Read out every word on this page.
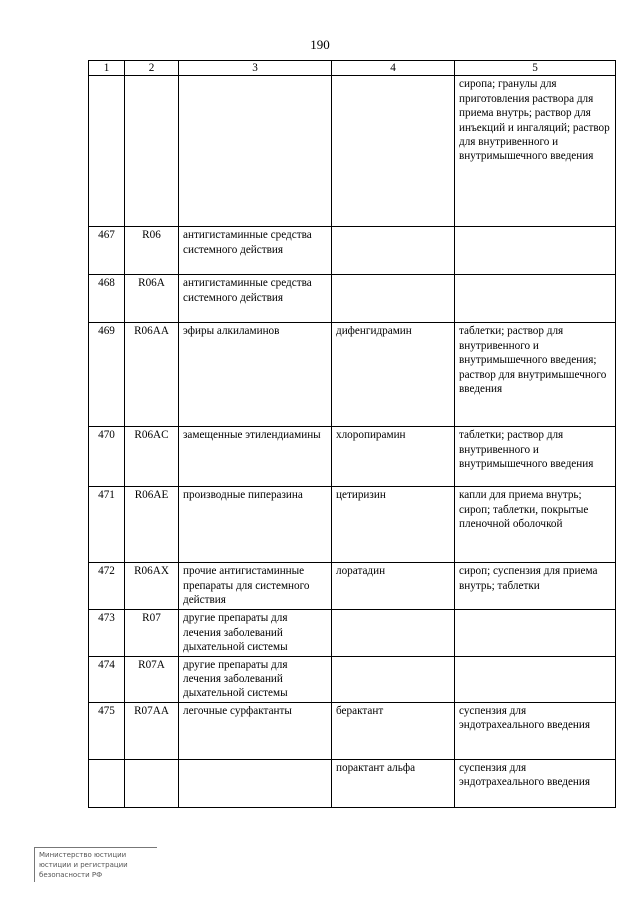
190
1	2	3	4	5
				сиропа; гранулы для приготовления раствора для приема внутрь; раствор для инъекций и ингаляций; раствор для внутривенного и внутримышечного введения
467	R06	антигистаминные средства системного действия		
468	R06A	антигистаминные средства системного действия		
469	R06AA	эфиры алкиламинов	дифенгидрамин	таблетки; раствор для внутривенного и внутримышечного введения; раствор для внутримышечного введения
470	R06AC	замещенные этилендиамины	хлоропирамин	таблетки; раствор для внутривенного и внутримышечного введения
471	R06AE	производные пиперазина	цетиризин	капли для приема внутрь; сироп; таблетки, покрытые пленочной оболочкой
472	R06AX	прочие антигистаминные препараты для системного действия	лоратадин	сироп; суспензия для приема внутрь; таблетки
473	R07	другие препараты для лечения заболеваний дыхательной системы		
474	R07A	другие препараты для лечения заболеваний дыхательной системы		
475	R07AA	легочные сурфактанты	берактант	суспензия для эндотрахеального введения
			порактант альфа	суспензия для эндотрахеального введения
Министерство юстиции
юстиции и регистрации
безопасности РФ
